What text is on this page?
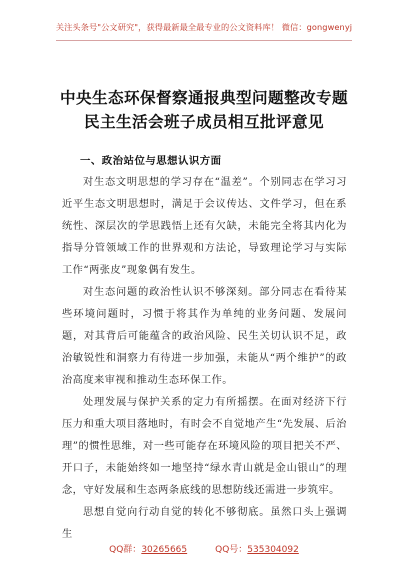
关注头条号"公文研究"，获得最新最全最专业的公文资料库！ 微信：gongwenyj
中央生态环保督察通报典型问题整改专题
民主生活会班子成员相互批评意见

一、政治站位与思想认识方面

对生态文明思想的学习存在“温差”。个别同志在学习习近平生态文明思想时，满足于会议传达、文件学习，但在系统性、深层次的学思践悟上还有欠缺，未能完全将其内化为指导分管领域工作的世界观和方法论，导致理论学习与实际工作“两张皮”现象偶有发生。

对生态问题的政治性认识不够深刻。部分同志在看待某些环境问题时，习惯于将其作为单纯的业务问题、发展问题，对其背后可能蕴含的政治风险、民生关切认识不足，政治敏锐性和洞察力有待进一步加强，未能从“两个维护”的政治高度来审视和推动生态环保工作。

处理发展与保护关系的定力有所摇摆。在面对经济下行压力和重大项目落地时，有时会不自觉地产生“先发展、后治理”的惯性思维，对一些可能存在环境风险的项目把关不严、开口子，未能始终如一地坚持“绿水青山就是金山银山”的理念，守好发展和生态两条底线的思想防线还需进一步筑牢。

思想自觉向行动自觉的转化不够彻底。虽然口头上强调生

QQ群：30265665	QQ号：535304092
